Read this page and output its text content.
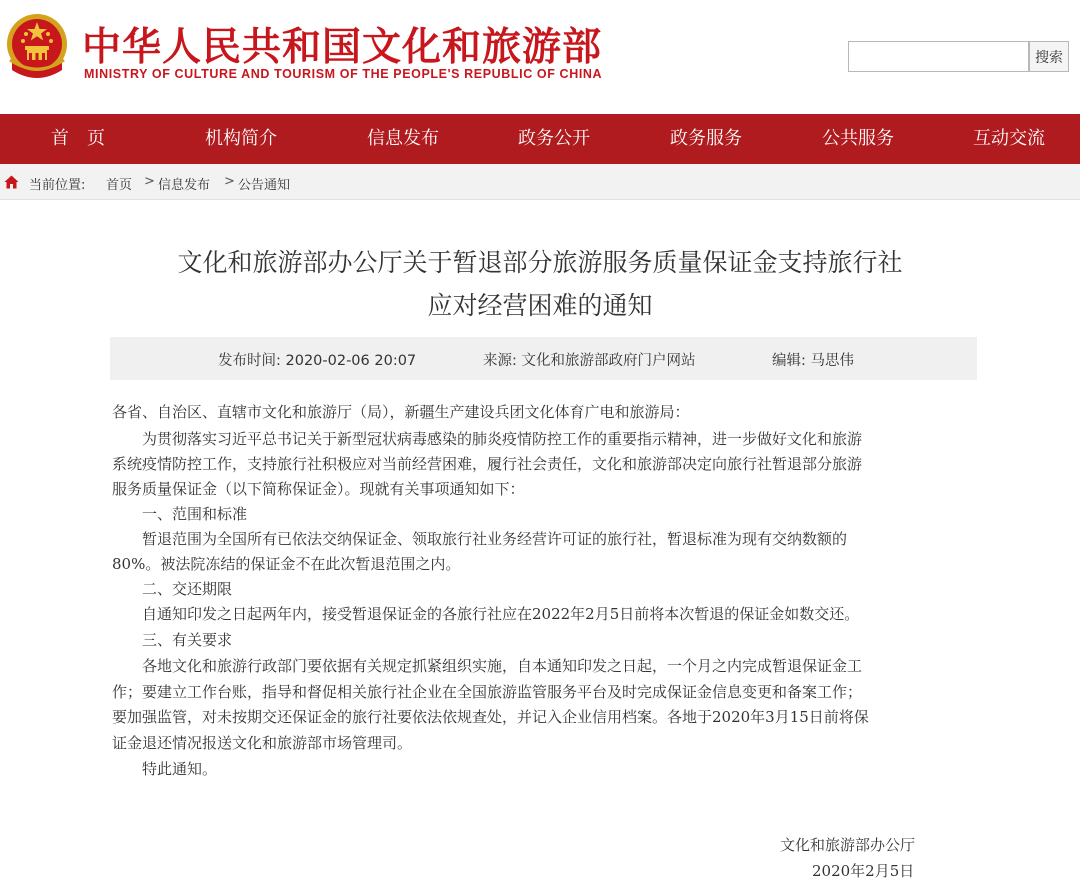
中华人民共和国文化和旅游部
MINISTRY OF CULTURE AND TOURISM OF THE PEOPLE'S REPUBLIC OF CHINA
搜索
首　页	机构简介	信息发布	政务公开	政务服务	公共服务	互动交流
当前位置: 首页 > 信息发布 > 公告通知
文化和旅游部办公厅关于暂退部分旅游服务质量保证金支持旅行社
应对经营困难的通知
发布时间: 2020-02-06 20:07	来源: 文化和旅游部政府门户网站	编辑: 马思伟
各省、自治区、直辖市文化和旅游厅（局），新疆生产建设兵团文化体育广电和旅游局：
　　为贯彻落实习近平总书记关于新型冠状病毒感染的肺炎疫情防控工作的重要指示精神，进一步做好文化和旅游
系统疫情防控工作，支持旅行社积极应对当前经营困难，履行社会责任，文化和旅游部决定向旅行社暂退部分旅游
服务质量保证金（以下简称保证金）。现就有关事项通知如下：
　　一、范围和标准
　　暂退范围为全国所有已依法交纳保证金、领取旅行社业务经营许可证的旅行社，暂退标准为现有交纳数额的
80%。被法院冻结的保证金不在此次暂退范围之内。
　　二、交还期限
　　自通知印发之日起两年内，接受暂退保证金的各旅行社应在2022年2月5日前将本次暂退的保证金如数交还。
　　三、有关要求
　　各地文化和旅游行政部门要依据有关规定抓紧组织实施，自本通知印发之日起，一个月之内完成暂退保证金工
作；要建立工作台账，指导和督促相关旅行社企业在全国旅游监管服务平台及时完成保证金信息变更和备案工作；
要加强监管，对未按期交还保证金的旅行社要依法依规查处，并记入企业信用档案。各地于2020年3月15日前将保
证金退还情况报送文化和旅游部市场管理司。
　　特此通知。
文化和旅游部办公厅
2020年2月5日
